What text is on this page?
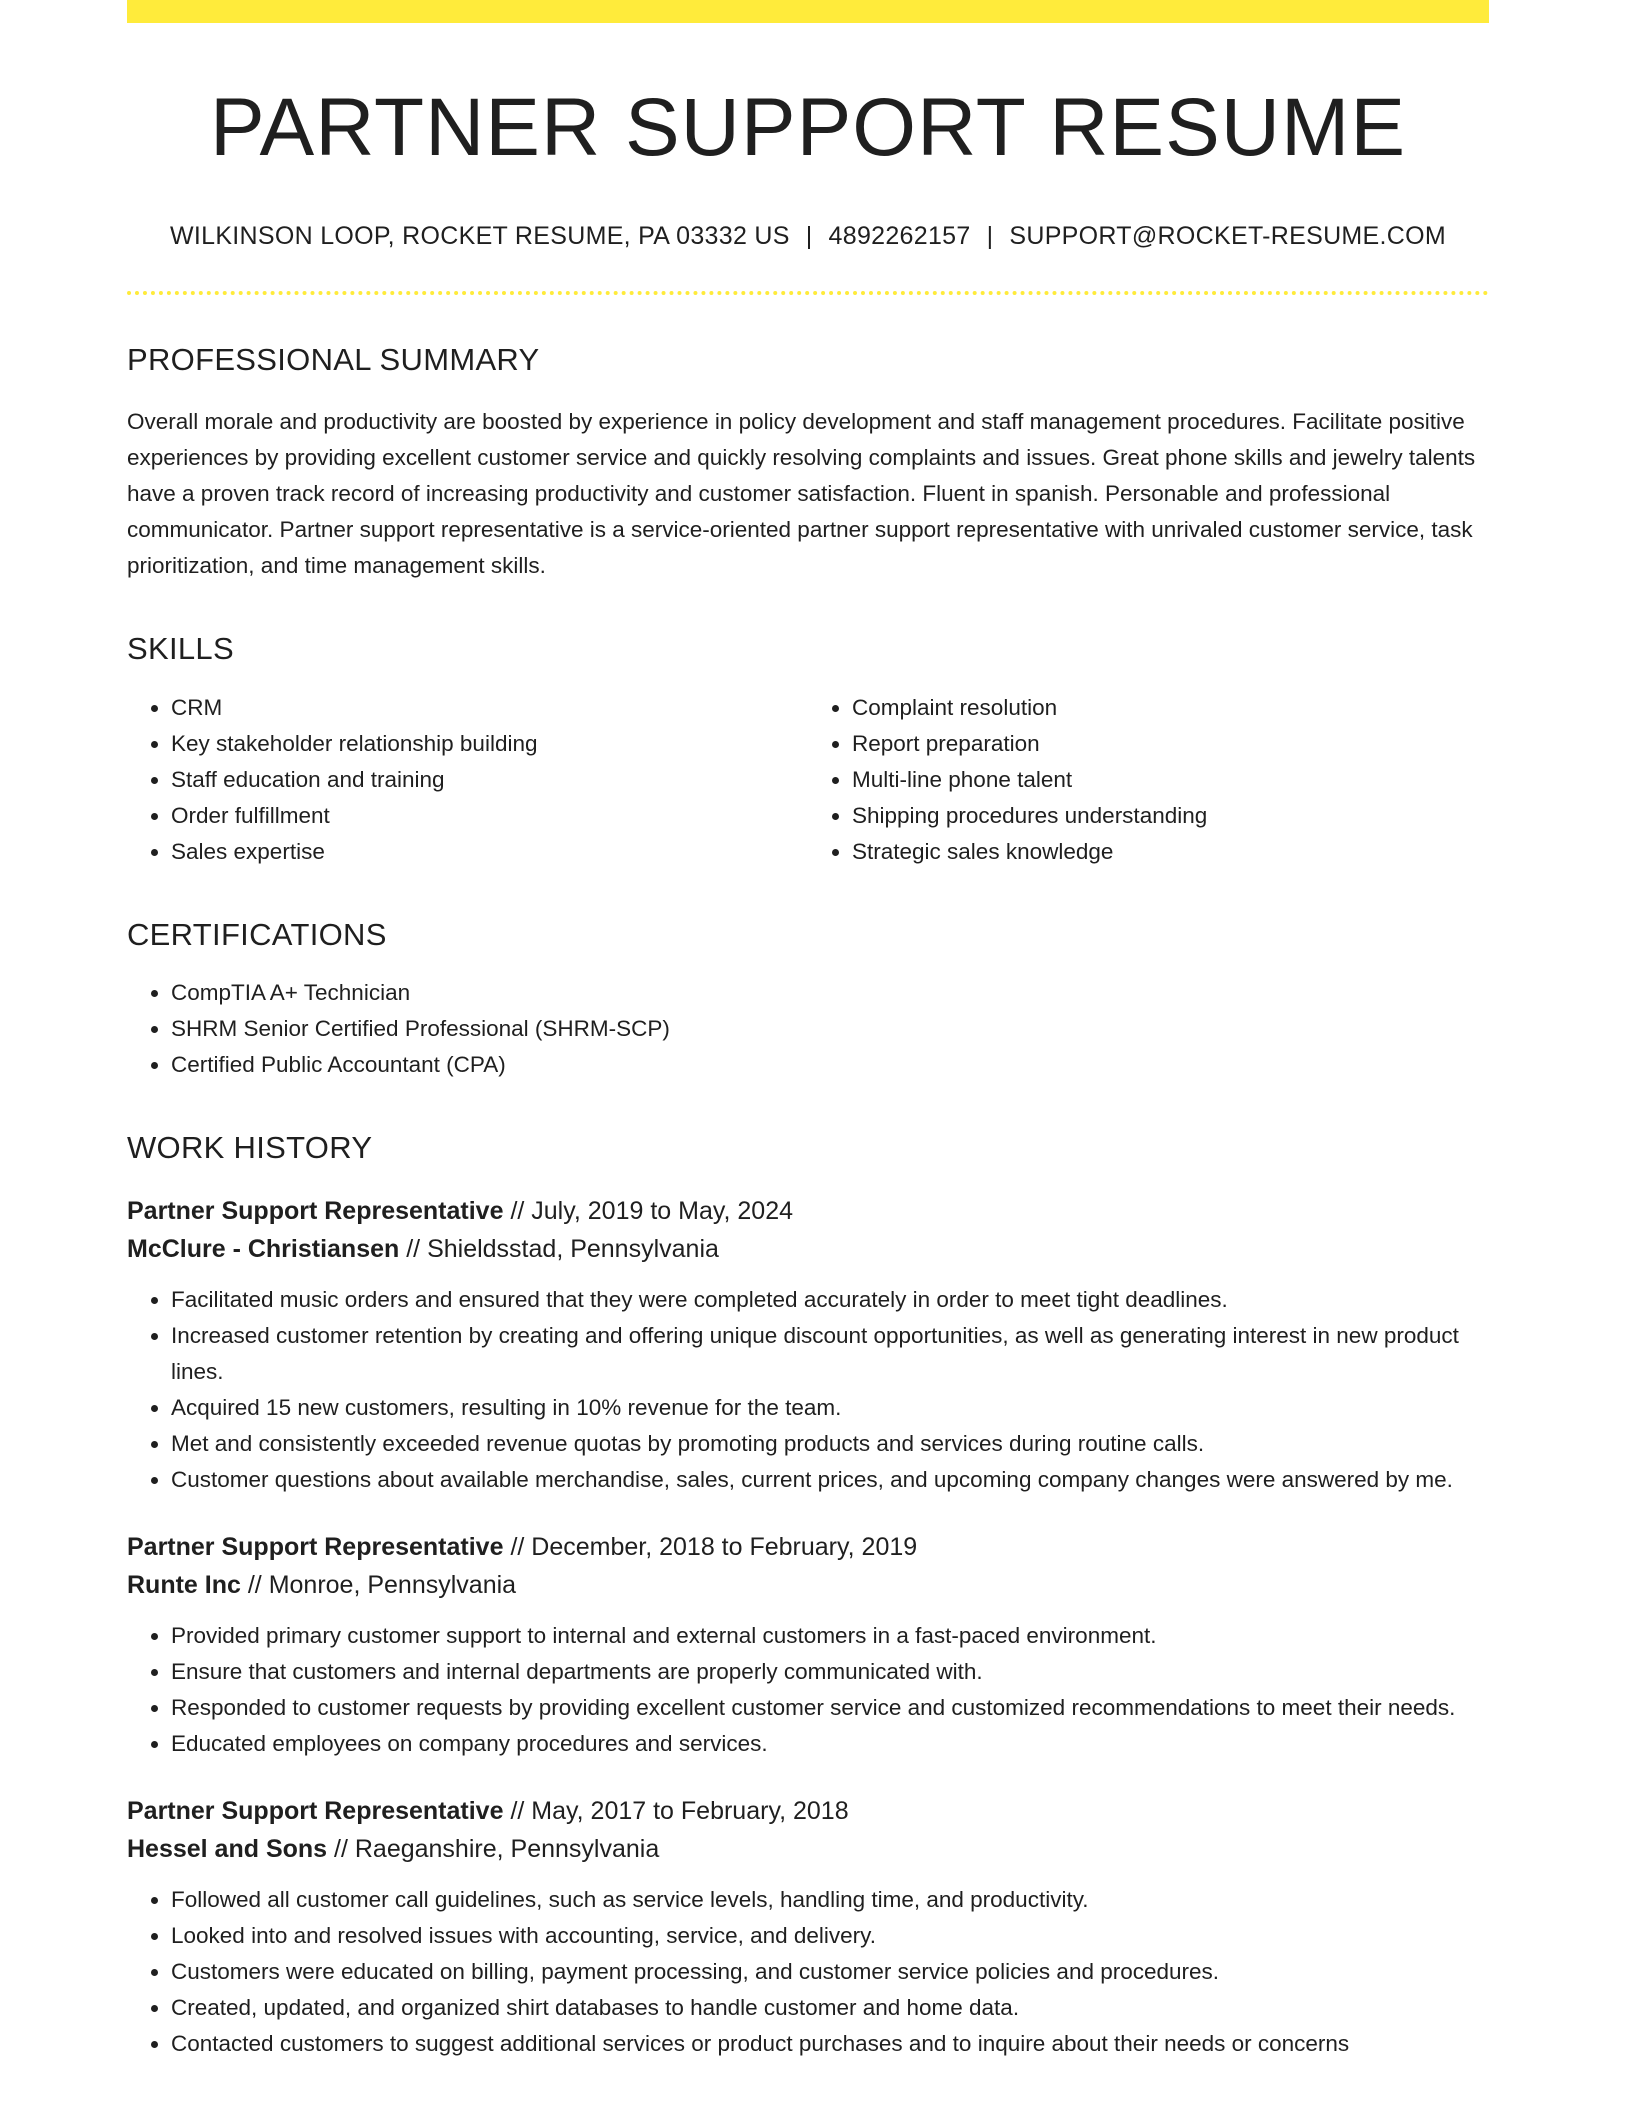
PARTNER SUPPORT RESUME
WILKINSON LOOP, ROCKET RESUME, PA 03332 US | 4892262157 | SUPPORT@ROCKET-RESUME.COM
PROFESSIONAL SUMMARY

Overall morale and productivity are boosted by experience in policy development and staff management procedures. Facilitate positive experiences by providing excellent customer service and quickly resolving complaints and issues. Great phone skills and jewelry talents have a proven track record of increasing productivity and customer satisfaction. Fluent in spanish. Personable and professional communicator. Partner support representative is a service-oriented partner support representative with unrivaled customer service, task prioritization, and time management skills.

SKILLS
• CRM
• Key stakeholder relationship building
• Staff education and training
• Order fulfillment
• Sales expertise
• Complaint resolution
• Report preparation
• Multi-line phone talent
• Shipping procedures understanding
• Strategic sales knowledge
CERTIFICATIONS
• CompTIA A+ Technician
• SHRM Senior Certified Professional (SHRM-SCP)
• Certified Public Accountant (CPA)
WORK HISTORY
Partner Support Representative // July, 2019 to May, 2024
McClure - Christiansen // Shieldsstad, Pennsylvania
• Facilitated music orders and ensured that they were completed accurately in order to meet tight deadlines.
• Increased customer retention by creating and offering unique discount opportunities, as well as generating interest in new product lines.
• Acquired 15 new customers, resulting in 10% revenue for the team.
• Met and consistently exceeded revenue quotas by promoting products and services during routine calls.
• Customer questions about available merchandise, sales, current prices, and upcoming company changes were answered by me.
Partner Support Representative // December, 2018 to February, 2019
Runte Inc // Monroe, Pennsylvania
• Provided primary customer support to internal and external customers in a fast-paced environment.
• Ensure that customers and internal departments are properly communicated with.
• Responded to customer requests by providing excellent customer service and customized recommendations to meet their needs.
• Educated employees on company procedures and services.
Partner Support Representative // May, 2017 to February, 2018
Hessel and Sons // Raeganshire, Pennsylvania
• Followed all customer call guidelines, such as service levels, handling time, and productivity.
• Looked into and resolved issues with accounting, service, and delivery.
• Customers were educated on billing, payment processing, and customer service policies and procedures.
• Created, updated, and organized shirt databases to handle customer and home data.
• Contacted customers to suggest additional services or product purchases and to inquire about their needs or concerns
